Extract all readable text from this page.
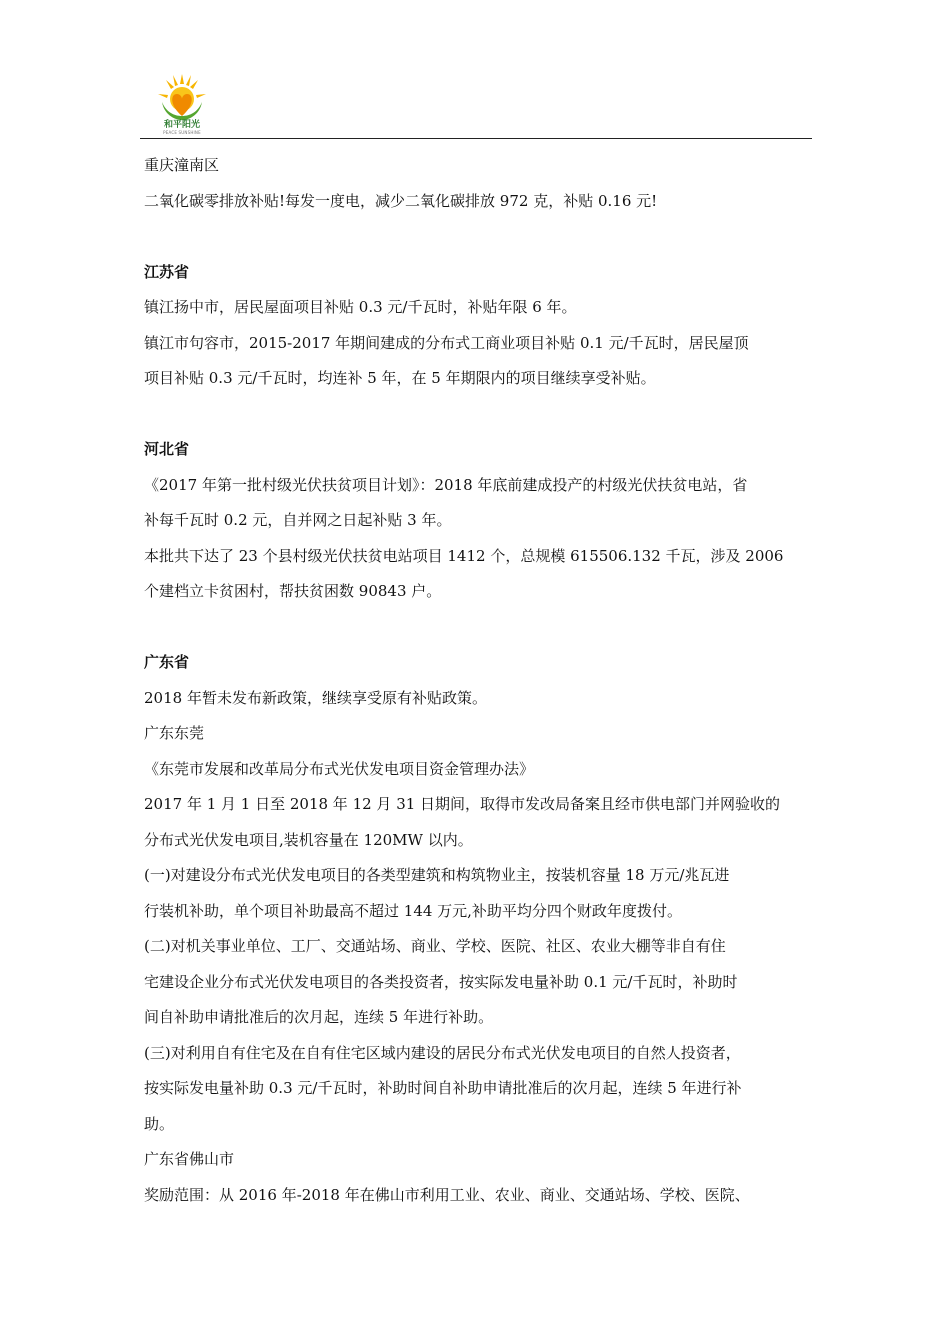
和平阳光
PEACE SUNSHINE

重庆潼南区

二氧化碳零排放补贴!每发一度电，减少二氧化碳排放 972 克，补贴 0.16 元!

江苏省

镇江扬中市，居民屋面项目补贴 0.3 元/千瓦时，补贴年限 6 年。

镇江市句容市，2015-2017 年期间建成的分布式工商业项目补贴 0.1 元/千瓦时，居民屋顶

项目补贴 0.3 元/千瓦时，均连补 5 年，在 5 年期限内的项目继续享受补贴。

河北省

《2017 年第一批村级光伏扶贫项目计划》：2018 年底前建成投产的村级光伏扶贫电站，省

补每千瓦时 0.2 元，自并网之日起补贴 3 年。

本批共下达了 23 个县村级光伏扶贫电站项目 1412 个，总规模 615506.132 千瓦，涉及 2006

个建档立卡贫困村，帮扶贫困数 90843 户。

广东省

2018 年暂未发布新政策，继续享受原有补贴政策。

广东东莞

《东莞市发展和改革局分布式光伏发电项目资金管理办法》

2017 年 1 月 1 日至 2018 年 12 月 31 日期间，取得市发改局备案且经市供电部门并网验收的

分布式光伏发电项目,装机容量在 120MW 以内。

(一)对建设分布式光伏发电项目的各类型建筑和构筑物业主，按装机容量 18 万元/兆瓦进

行装机补助，单个项目补助最高不超过 144 万元,补助平均分四个财政年度拨付。

(二)对机关事业单位、工厂、交通站场、商业、学校、医院、社区、农业大棚等非自有住

宅建设企业分布式光伏发电项目的各类投资者，按实际发电量补助 0.1 元/千瓦时，补助时

间自补助申请批准后的次月起，连续 5 年进行补助。

(三)对利用自有住宅及在自有住宅区域内建设的居民分布式光伏发电项目的自然人投资者，

按实际发电量补助 0.3 元/千瓦时，补助时间自补助申请批准后的次月起，连续 5 年进行补

助。

广东省佛山市

奖励范围：从 2016 年-2018 年在佛山市利用工业、农业、商业、交通站场、学校、医院、
